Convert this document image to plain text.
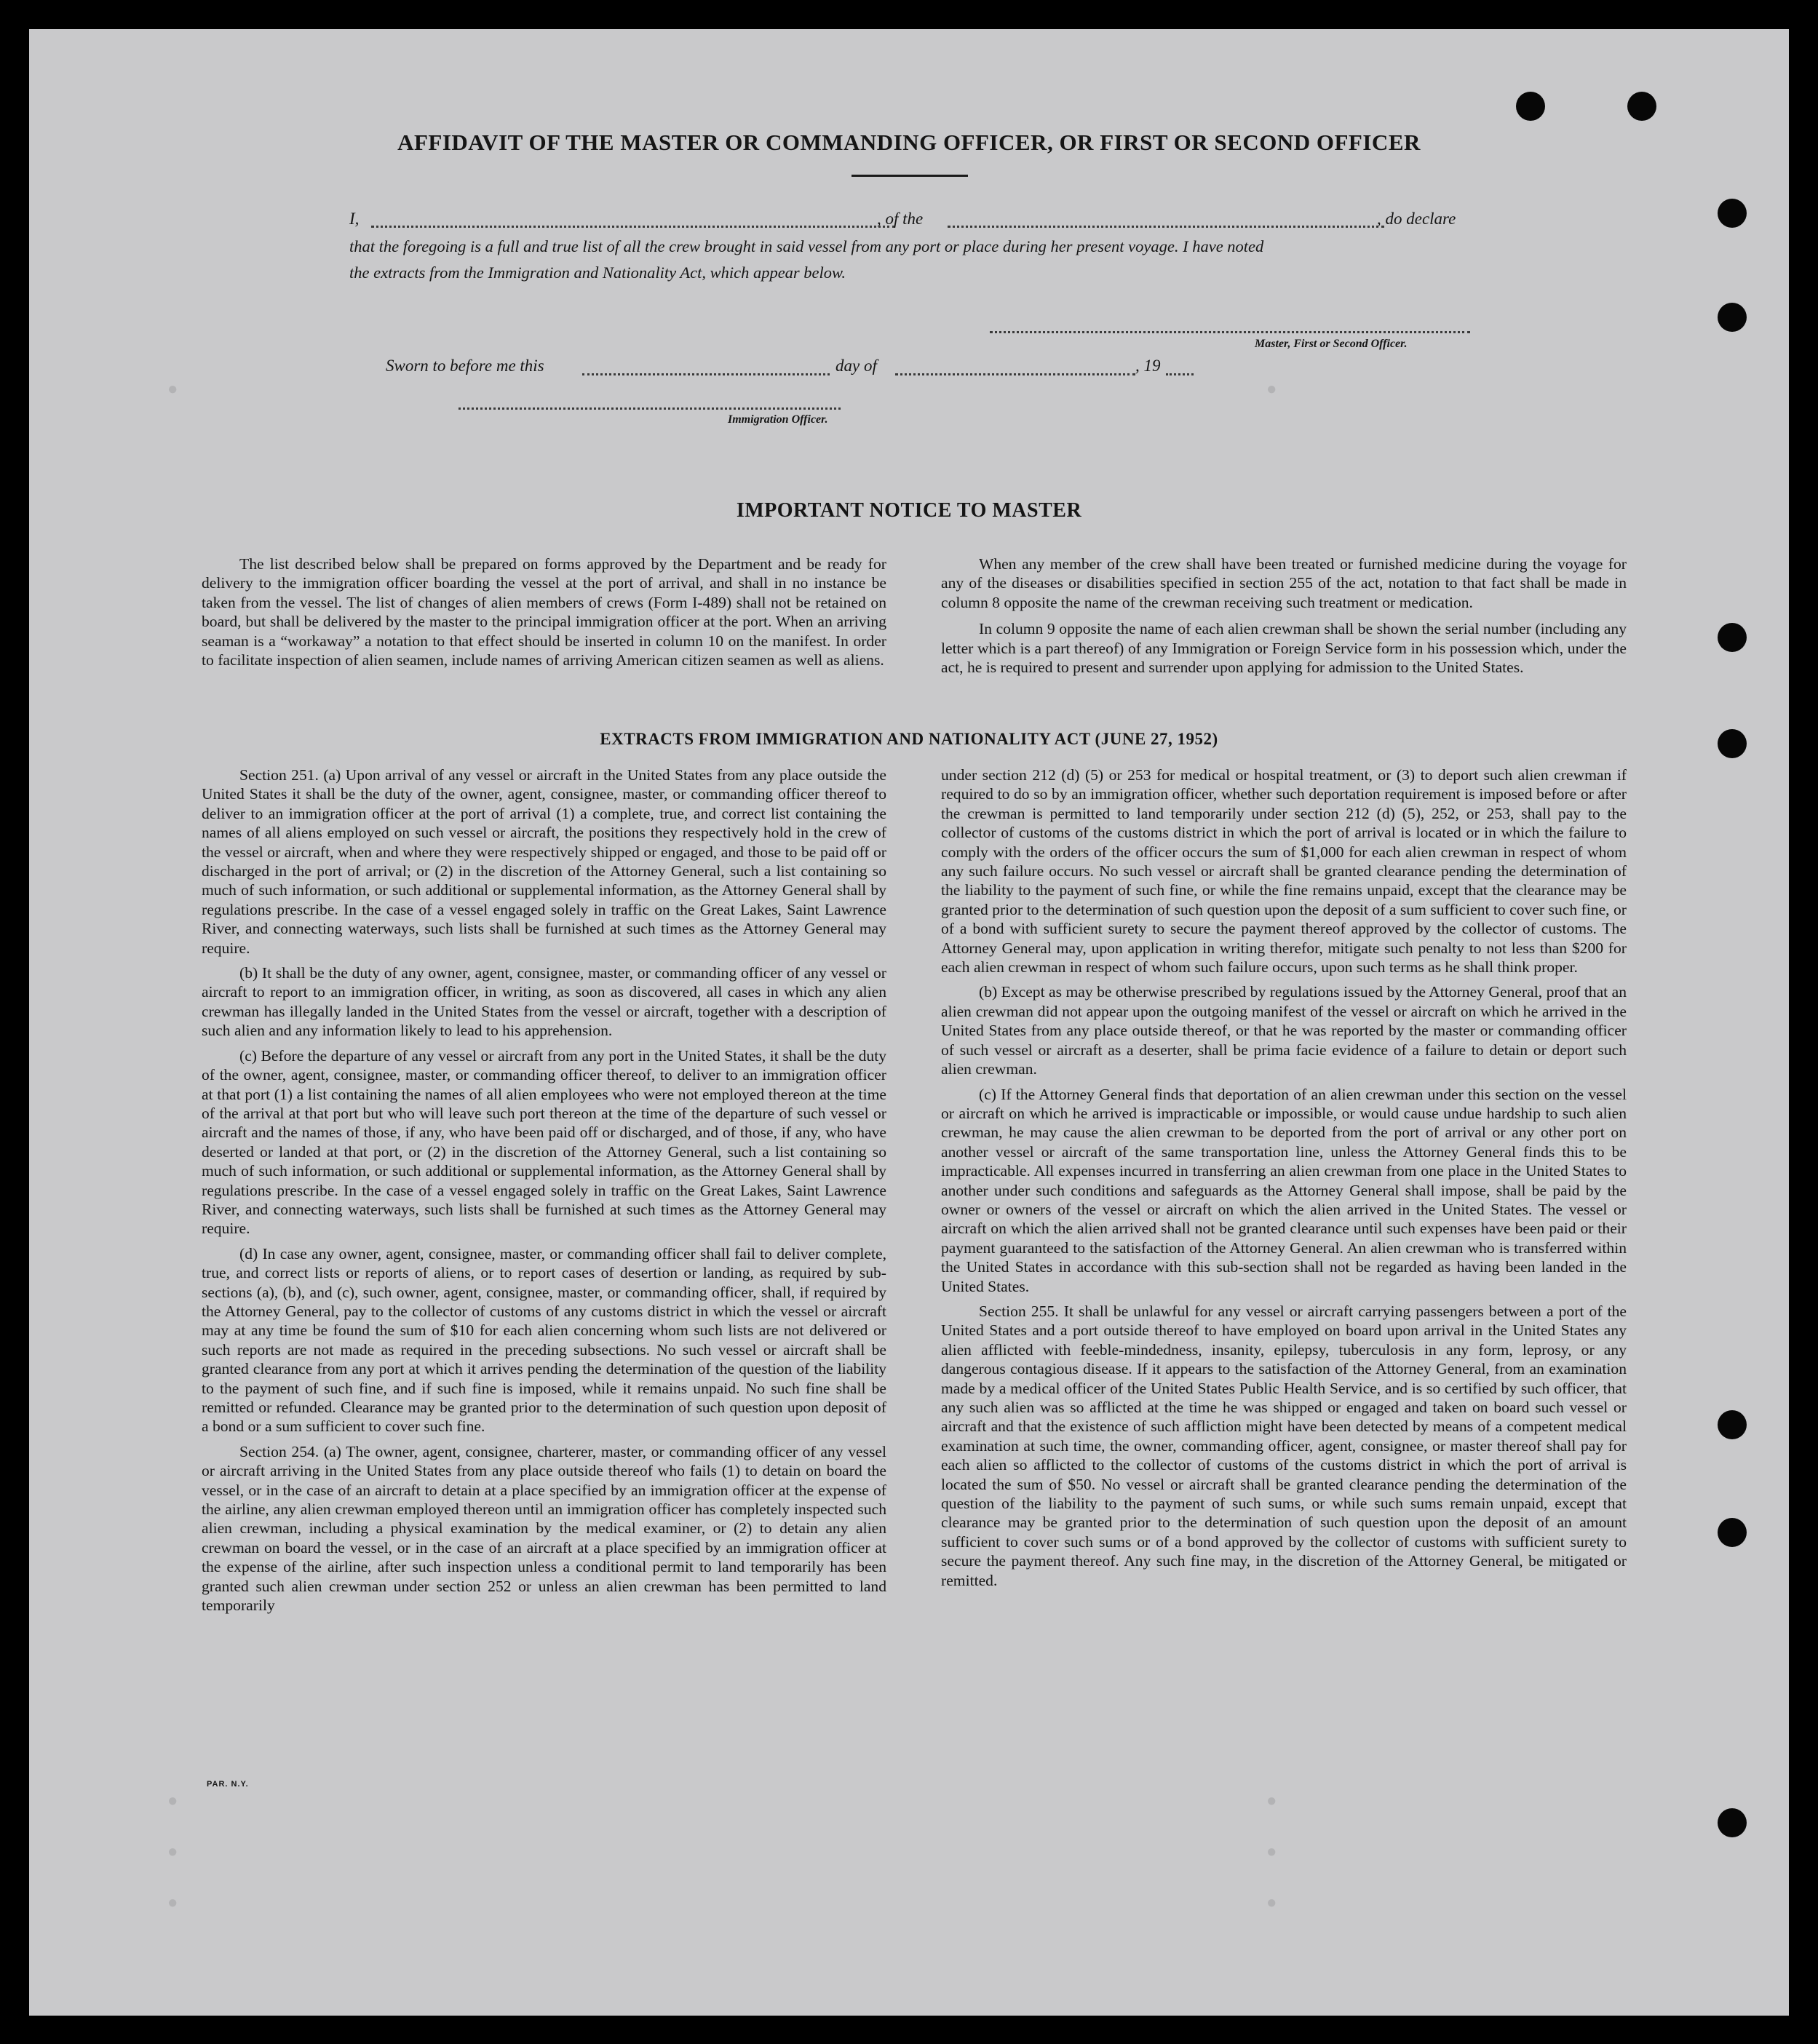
●	●
●	●
●	●
●	●
AFFIDAVIT OF THE MASTER OR COMMANDING OFFICER, OR FIRST OR SECOND OFFICER
I,	, of the	, do declare
that the foregoing is a full and true list of all the crew brought in said vessel from any port or place during her present voyage. I have noted
the extracts from the Immigration and Nationality Act, which appear below.
Master, First or Second Officer.
Sworn to before me this	day of	, 19
Immigration Officer.
IMPORTANT NOTICE TO MASTER

The list described below shall be prepared on forms approved by the Department and be ready for delivery to the immigration officer boarding the vessel at the port of arrival, and shall in no instance be taken from the vessel. The list of changes of alien members of crews (Form I-489) shall not be retained on board, but shall be delivered by the master to the principal immigration officer at the port. When an arriving seaman is a “workaway” a notation to that effect should be inserted in column 10 on the manifest. In order to facilitate inspection of alien seamen, include names of arriving American citizen seamen as well as aliens.

When any member of the crew shall have been treated or furnished medicine during the voyage for any of the diseases or disabilities specified in section 255 of the act, notation to that fact shall be made in column 8 opposite the name of the crewman receiving such treatment or medication.

In column 9 opposite the name of each alien crewman shall be shown the serial number (including any letter which is a part thereof) of any Immigration or Foreign Service form in his possession which, under the act, he is required to present and surrender upon applying for admission to the United States.

EXTRACTS FROM IMMIGRATION AND NATIONALITY ACT (JUNE 27, 1952)

Section 251. (a) Upon arrival of any vessel or aircraft in the United States from any place outside the United States it shall be the duty of the owner, agent, consignee, master, or commanding officer thereof to deliver to an immigration officer at the port of arrival (1) a complete, true, and correct list containing the names of all aliens employed on such vessel or aircraft, the positions they respectively hold in the crew of the vessel or aircraft, when and where they were respectively shipped or engaged, and those to be paid off or discharged in the port of arrival; or (2) in the discretion of the Attorney General, such a list containing so much of such information, or such additional or supplemental information, as the Attorney General shall by regulations prescribe. In the case of a vessel engaged solely in traffic on the Great Lakes, Saint Lawrence River, and connecting waterways, such lists shall be furnished at such times as the Attorney General may require.

(b) It shall be the duty of any owner, agent, consignee, master, or commanding officer of any vessel or aircraft to report to an immigration officer, in writing, as soon as discovered, all cases in which any alien crewman has illegally landed in the United States from the vessel or aircraft, together with a description of such alien and any information likely to lead to his apprehension.

(c) Before the departure of any vessel or aircraft from any port in the United States, it shall be the duty of the owner, agent, consignee, master, or commanding officer thereof, to deliver to an immigration officer at that port (1) a list containing the names of all alien employees who were not employed thereon at the time of the arrival at that port but who will leave such port thereon at the time of the departure of such vessel or aircraft and the names of those, if any, who have been paid off or discharged, and of those, if any, who have deserted or landed at that port, or (2) in the discretion of the Attorney General, such a list containing so much of such information, or such additional or supplemental information, as the Attorney General shall by regulations prescribe. In the case of a vessel engaged solely in traffic on the Great Lakes, Saint Lawrence River, and connecting waterways, such lists shall be furnished at such times as the Attorney General may require.

(d) In case any owner, agent, consignee, master, or commanding officer shall fail to deliver complete, true, and correct lists or reports of aliens, or to report cases of desertion or landing, as required by sub-sections (a), (b), and (c), such owner, agent, consignee, master, or commanding officer, shall, if required by the Attorney General, pay to the collector of customs of any customs district in which the vessel or aircraft may at any time be found the sum of $10 for each alien concerning whom such lists are not delivered or such reports are not made as required in the preceding subsections. No such vessel or aircraft shall be granted clearance from any port at which it arrives pending the determination of the question of the liability to the payment of such fine, and if such fine is imposed, while it remains unpaid. No such fine shall be remitted or refunded. Clearance may be granted prior to the determination of such question upon deposit of a bond or a sum sufficient to cover such fine.

Section 254. (a) The owner, agent, consignee, charterer, master, or commanding officer of any vessel or aircraft arriving in the United States from any place outside thereof who fails (1) to detain on board the vessel, or in the case of an aircraft to detain at a place specified by an immigration officer at the expense of the airline, any alien crewman employed thereon until an immigration officer has completely inspected such alien crewman, including a physical examination by the medical examiner, or (2) to detain any alien crewman on board the vessel, or in the case of an aircraft at a place specified by an immigration officer at the expense of the airline, after such inspection unless a conditional permit to land temporarily has been granted such alien crewman under section 252 or unless an alien crewman has been permitted to land temporarily

under section 212 (d) (5) or 253 for medical or hospital treatment, or (3) to deport such alien crewman if required to do so by an immigration officer, whether such deportation requirement is imposed before or after the crewman is permitted to land temporarily under section 212 (d) (5), 252, or 253, shall pay to the collector of customs of the customs district in which the port of arrival is located or in which the failure to comply with the orders of the officer occurs the sum of $1,000 for each alien crewman in respect of whom any such failure occurs. No such vessel or aircraft shall be granted clearance pending the determination of the liability to the payment of such fine, or while the fine remains unpaid, except that the clearance may be granted prior to the determination of such question upon the deposit of a sum sufficient to cover such fine, or of a bond with sufficient surety to secure the payment thereof approved by the collector of customs. The Attorney General may, upon application in writing therefor, mitigate such penalty to not less than $200 for each alien crewman in respect of whom such failure occurs, upon such terms as he shall think proper.

(b) Except as may be otherwise prescribed by regulations issued by the Attorney General, proof that an alien crewman did not appear upon the outgoing manifest of the vessel or aircraft on which he arrived in the United States from any place outside thereof, or that he was reported by the master or commanding officer of such vessel or aircraft as a deserter, shall be prima facie evidence of a failure to detain or deport such alien crewman.

(c) If the Attorney General finds that deportation of an alien crewman under this section on the vessel or aircraft on which he arrived is impracticable or impossible, or would cause undue hardship to such alien crewman, he may cause the alien crewman to be deported from the port of arrival or any other port on another vessel or aircraft of the same transportation line, unless the Attorney General finds this to be impracticable. All expenses incurred in transferring an alien crewman from one place in the United States to another under such conditions and safeguards as the Attorney General shall impose, shall be paid by the owner or owners of the vessel or aircraft on which the alien arrived in the United States. The vessel or aircraft on which the alien arrived shall not be granted clearance until such expenses have been paid or their payment guaranteed to the satisfaction of the Attorney General. An alien crewman who is transferred within the United States in accordance with this sub-section shall not be regarded as having been landed in the United States.

Section 255. It shall be unlawful for any vessel or aircraft carrying passengers between a port of the United States and a port outside thereof to have employed on board upon arrival in the United States any alien afflicted with feeble-mindedness, insanity, epilepsy, tuberculosis in any form, leprosy, or any dangerous contagious disease. If it appears to the satisfaction of the Attorney General, from an examination made by a medical officer of the United States Public Health Service, and is so certified by such officer, that any such alien was so afflicted at the time he was shipped or engaged and taken on board such vessel or aircraft and that the existence of such affliction might have been detected by means of a competent medical examination at such time, the owner, commanding officer, agent, consignee, or master thereof shall pay for each alien so afflicted to the collector of customs of the customs district in which the port of arrival is located the sum of $50. No vessel or aircraft shall be granted clearance pending the determination of the question of the liability to the payment of such sums, or while such sums remain unpaid, except that clearance may be granted prior to the determination of such question upon the deposit of an amount sufficient to cover such sums or of a bond approved by the collector of customs with sufficient surety to secure the payment thereof. Any such fine may, in the discretion of the Attorney General, be mitigated or remitted.

PAR. N.Y.
